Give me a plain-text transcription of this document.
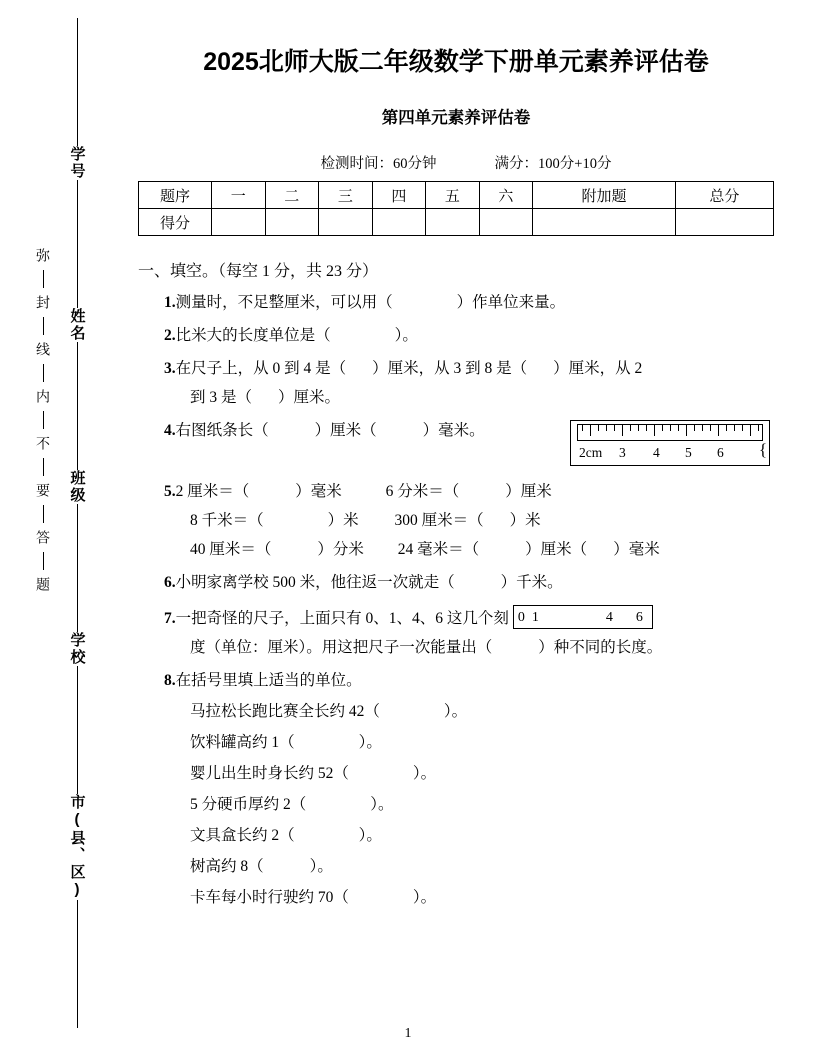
学号
姓名
班级
学校
市(县、区)
弥
封
线
内
不
要
答
题
2025北师大版二年级数学下册单元素养评估卷
第四单元素养评估卷
检测时间：60分钟	满分：100分+10分
题序	一	二	三	四	五	六	附加题	总分
得分								
一、填空。（每空 1 分，共 23 分）
1.测量时，不足整厘米，可以用（	）作单位来量。
2.比米大的长度单位是（	）。
3.在尺子上，从 0 到 4 是（ ）厘米，从 3 到 8 是（ ）厘米，从 2
到 3 是（ ）厘米。
2cm 3 4 5 6 {
4.右图纸条长（	）厘米（	）毫米。
5.2 厘米＝（	）毫米	6 分米＝（	）厘米
8 千米＝（	）米 300 厘米＝（ ）米
40 厘米＝（	）分米 24 毫米＝（	）厘米（ ）毫米
6.小明家离学校 500 米，他往返一次就走（	）千米。
7.一把奇怪的尺子，上面只有 0、1、4、6 这几个刻 0 1	4 6
度（单位：厘米）。用这把尺子一次能量出（	）种不同的长度。
8.在括号里填上适当的单位。
马拉松长跑比赛全长约 42（	）。
饮料罐高约 1（	）。
婴儿出生时身长约 52（	）。
5 分硬币厚约 2（	）。
文具盒长约 2（	）。
树高约 8（	）。
卡车每小时行驶约 70（	）。
1
